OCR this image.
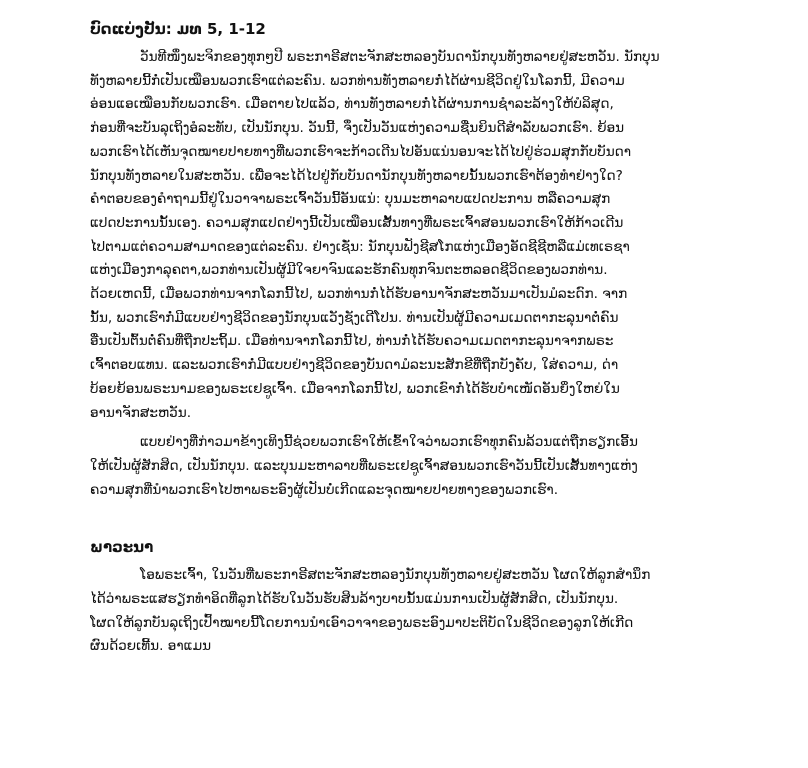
ບົດແບ່ງປັນ: ມທ 5, 1-12
ວັນທີໜຶ່ງພະຈິກຂອງທຸກໆປີ ພຣະກາຣີສຕະຈັກສະຫລອງບັນດານັກບຸນທັງຫລາຍຢູ່ສະຫວັນ. ນັກບຸນ
ທັງຫລາຍນີ້ກໍ່ເປັນເໝືອນພວກເຮົາແຕ່ລະຄົນ. ພວກທ່ານທັງຫລາຍກໍ່ໄດ້ຜ່ານຊີວິດຢູ່ໃນໂລກນີ້, ມີຄວາມ
ອ່ອນແອເໝືອນກັບພວກເຮົາ. ເມື່ອຕາຍໄປແລ້ວ, ທ່ານທັງຫລາຍກໍ່ໄດ້ຜ່ານການຊຳລະລ້າງໃຫ້ບໍລິສຸດ,
ກ່ອນທີ່ຈະບັນລຸເຖິງອໍລະທັບ, ເປັນນັກບຸນ. ວັນນີ້, ຈຶ່ງເປັນວັນແຫ່ງຄວາມຊື່ນຍິນດີສຳລັບພວກເຮົາ. ຍ້ອນ
ພວກເຮົາໄດ້ເຫັນຈຸດໝາຍປາຍທາງທີ່ພວກເຮົາຈະກ້າວເດີນໄປອັນແນ່ນອນຈະໄດ້ໄປຢູ່ຮ່ວມສຸກກັບບັນດາ
ນັກບຸນທັງຫລາຍໃນສະຫວັນ. ເພື່ອຈະໄດ້ໄປຢູ່ກັບບັນດານັກບຸນທັງຫລາຍນັ້ນພວກເຮົາຕ້ອງທຳຢ່າງໃດ?
ຄຳຕອບຂອງຄຳຖາມນີ້ຢູ່ໃນວາຈາພຣະເຈົ້າວັນນີ້ອັນແນ່: ບຸນມະຫາລາບແປດປະການ ຫລືຄວາມສຸກ
ແປດປະການນັ້ນເອງ. ຄວາມສຸກແປດຢ່າງນີ້ເປັນເໝືອນເສັ້ນທາງທີ່ພຣະເຈົ້າສອນພວກເຮົາໃຫ້ກ້າວເດີນ
ໄປຕາມແຕ່ຄວາມສາມາດຂອງແຕ່ລະຄົນ. ຢ່າງເຊັ່ນ: ນັກບຸນຟັງຊີສໂກແຫ່ງເມືອງອັດຊີຊີຫລືແມ່ເທເຣຊາ
ແຫ່ງເມືອງກາລຸຄຕາ,ພວກທ່ານເປັນຜູ້ມີໃຈຍາຈົນແລະຮັກຄົນທຸກຈົນຕະຫລອດຊີວິດຂອງພວກທ່ານ.
ດ້ວຍເຫດນີ້, ເມື່ອພວກທ່ານຈາກໂລກນີ້ໄປ, ພວກທ່ານກໍ່ໄດ້ຮັບອານາຈັກສະຫວັນມາເປັນມໍລະດົກ. ຈາກ
ນັ້ນ, ພວກເຮົາກໍ່ມີແບບຢ່າງຊີວິດຂອງນັກບຸນແວັງຊັງເດີໂປນ. ທ່ານເປັນຜູ້ມີຄວາມເມດຕາກະລຸນາຕໍ່ຄົນ
ອື່ນເປັນຕົ້ນຕໍ່ຄົນທີ່ຖືກປະຖິ້ມ. ເມື່ອທ່ານຈາກໂລກນີ້ໄປ, ທ່ານກໍ່ໄດ້ຮັບຄວາມເມດຕາກະລຸນາຈາກພຣະ
ເຈົ້າຕອບແທນ. ແລະພວກເຮົາກໍ່ມີແບບຢ່າງຊີວິດຂອງບັນດາມໍລະນະສັກຂີທີ່ຖືກບັງຄັບ, ໃສ່ຄວາມ, ດ່າ
ບ້ອຍຍ້ອນພຣະນາມຂອງພຣະເຢຊູເຈົ້າ. ເມື່ອຈາກໂລກນີ້ໄປ, ພວກເຂົາກໍ່ໄດ້ຮັບບຳເໜັດອັນຍິ່ງໃຫຍ່ໃນ
ອານາຈັກສະຫວັນ.
ແບບຢ່າງທີ່ກ່າວມາຂ້າງເທິງນີ້ຊ່ວຍພວກເຮົາໃຫ້ເຂົ້າໃຈວ່າພວກເຮົາທຸກຄົນລ້ວນແຕ່ຖືກຮຽກເອີ້ນ
ໃຫ້ເປັນຜູ້ສັກສິດ, ເປັນນັກບຸນ. ແລະບຸນມະຫາລາບທີ່ພຣະເຢຊູເຈົ້າສອນພວກເຮົາວັນນີ້ເປັນເສັ້ນທາງແຫ່ງ
ຄວາມສຸກທີ່ນຳພວກເຮົາໄປຫາພຣະອົງຜູ້ເປັນບໍ່ເກີດແລະຈຸດໝາຍປາຍທາງຂອງພວກເຮົາ.
ພາວະນາ
ໂອພຣະເຈົ້າ, ໃນວັນທີ່ພຣະກາຣີສຕະຈັກສະຫລອງນັກບຸນທັງຫລາຍຢູ່ສະຫວັນ ໂຜດໃຫ້ລູກສຳນຶກ
ໄດ້ວ່າພຣະແສຮຽກທຳອິດທີ່ລູກໄດ້ຮັບໃນວັນຮັບສິນລ້າງບາບນັ້ນແມ່ນການເປັນຜູ້ສັກສິດ, ເປັນນັກບຸນ.
ໂຜດໃຫ້ລູກບັນລຸເຖິງເປົ້າໝາຍນີ້ໂດຍການນຳເອົາວາຈາຂອງພຣະອົງມາປະຕິບັດໃນຊີວິດຂອງລູກໃຫ້ເກີດ
ຜົນດ້ວຍເທີ້ນ. ອາແມນ
